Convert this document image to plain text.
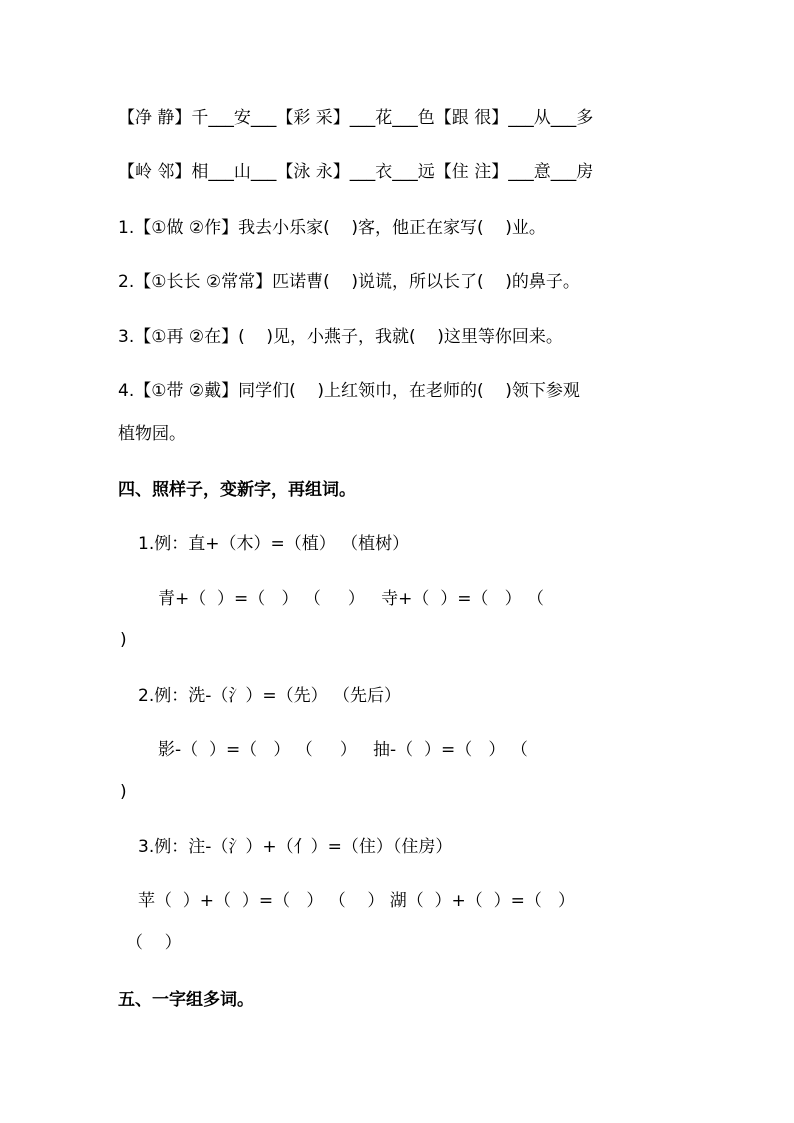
【净 静】千___安___【彩 采】___花___色【跟 很】___从___多

【岭 邻】相___山___【泳 永】___衣___远【住 注】___意___房

1.【①做 ②作】我去小乐家(    )客，他正在家写(    )业。

2.【①长长 ②常常】匹诺曹(    )说谎，所以长了(    )的鼻子。

3.【①再 ②在】(    )见，小燕子，我就(    )这里等你回来。

4.【①带 ②戴】同学们(    )上红领巾，在老师的(    )领下参观

植物园。

四、照样子，变新字，再组词。

1.例：直+（木）=（植） （植树）

青+（  ）=（   ） （     ）   寺+（  ）=（   ） （

)

2.例：洗-（氵）=（先） （先后）

影-（  ）=（   ） （     ）   抽-（  ）=（   ） （

)

3.例：注-（氵）+（亻）=（住）（住房）

苹（  ）+（  ）=（   ） （    ） 湖（  ）+（  ）=（   ）

（    ）

五、一字组多词。
